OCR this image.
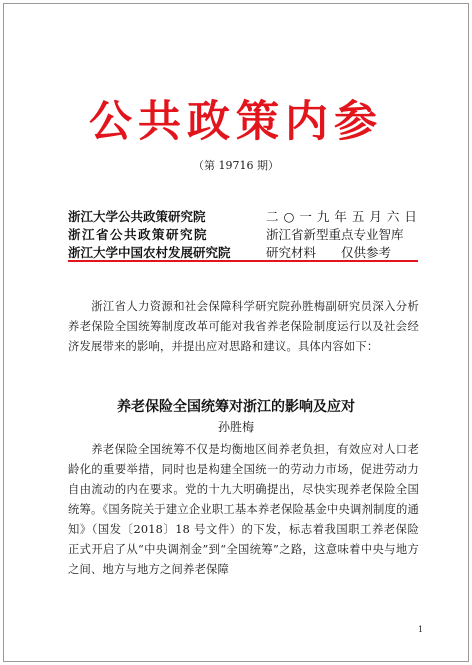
公共政策内参
（第 19716 期）
浙江大学公共政策研究院
浙江省公共政策研究院
浙江大学中国农村发展研究院
二○一九年五月六日
浙江省新型重点专业智库
研究材料　　仅供参考
浙江省人力资源和社会保障科学研究院孙胜梅副研究员深入分析养老保险全国统筹制度改革可能对我省养老保险制度运行以及社会经济发展带来的影响，并提出应对思路和建议。具体内容如下：
养老保险全国统筹对浙江的影响及应对
孙胜梅
养老保险全国统筹不仅是均衡地区间养老负担，有效应对人口老龄化的重要举措，同时也是构建全国统一的劳动力市场，促进劳动力自由流动的内在要求。党的十九大明确提出，尽快实现养老保险全国统筹。《国务院关于建立企业职工基本养老保险基金中央调剂制度的通知》（国发〔2018〕18 号文件）的下发，标志着我国职工养老保险正式开启了从“中央调剂金”到“全国统筹”之路，这意味着中央与地方之间、地方与地方之间养老保障
1
